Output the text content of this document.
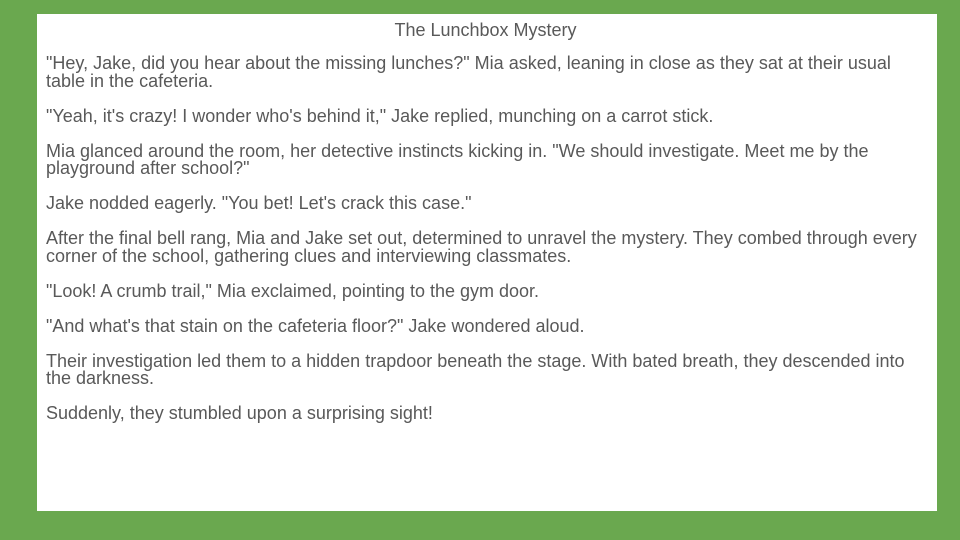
The Lunchbox Mystery

"Hey, Jake, did you hear about the missing lunches?" Mia asked, leaning in close as they sat at their usual table in the cafeteria.

"Yeah, it's crazy! I wonder who's behind it," Jake replied, munching on a carrot stick.

Mia glanced around the room, her detective instincts kicking in. "We should investigate. Meet me by the playground after school?"

Jake nodded eagerly. "You bet! Let's crack this case."

After the final bell rang, Mia and Jake set out, determined to unravel the mystery. They combed through every corner of the school, gathering clues and interviewing classmates.

"Look! A crumb trail," Mia exclaimed, pointing to the gym door.

"And what's that stain on the cafeteria floor?" Jake wondered aloud.

Their investigation led them to a hidden trapdoor beneath the stage. With bated breath, they descended into the darkness.

Suddenly, they stumbled upon a surprising sight!
